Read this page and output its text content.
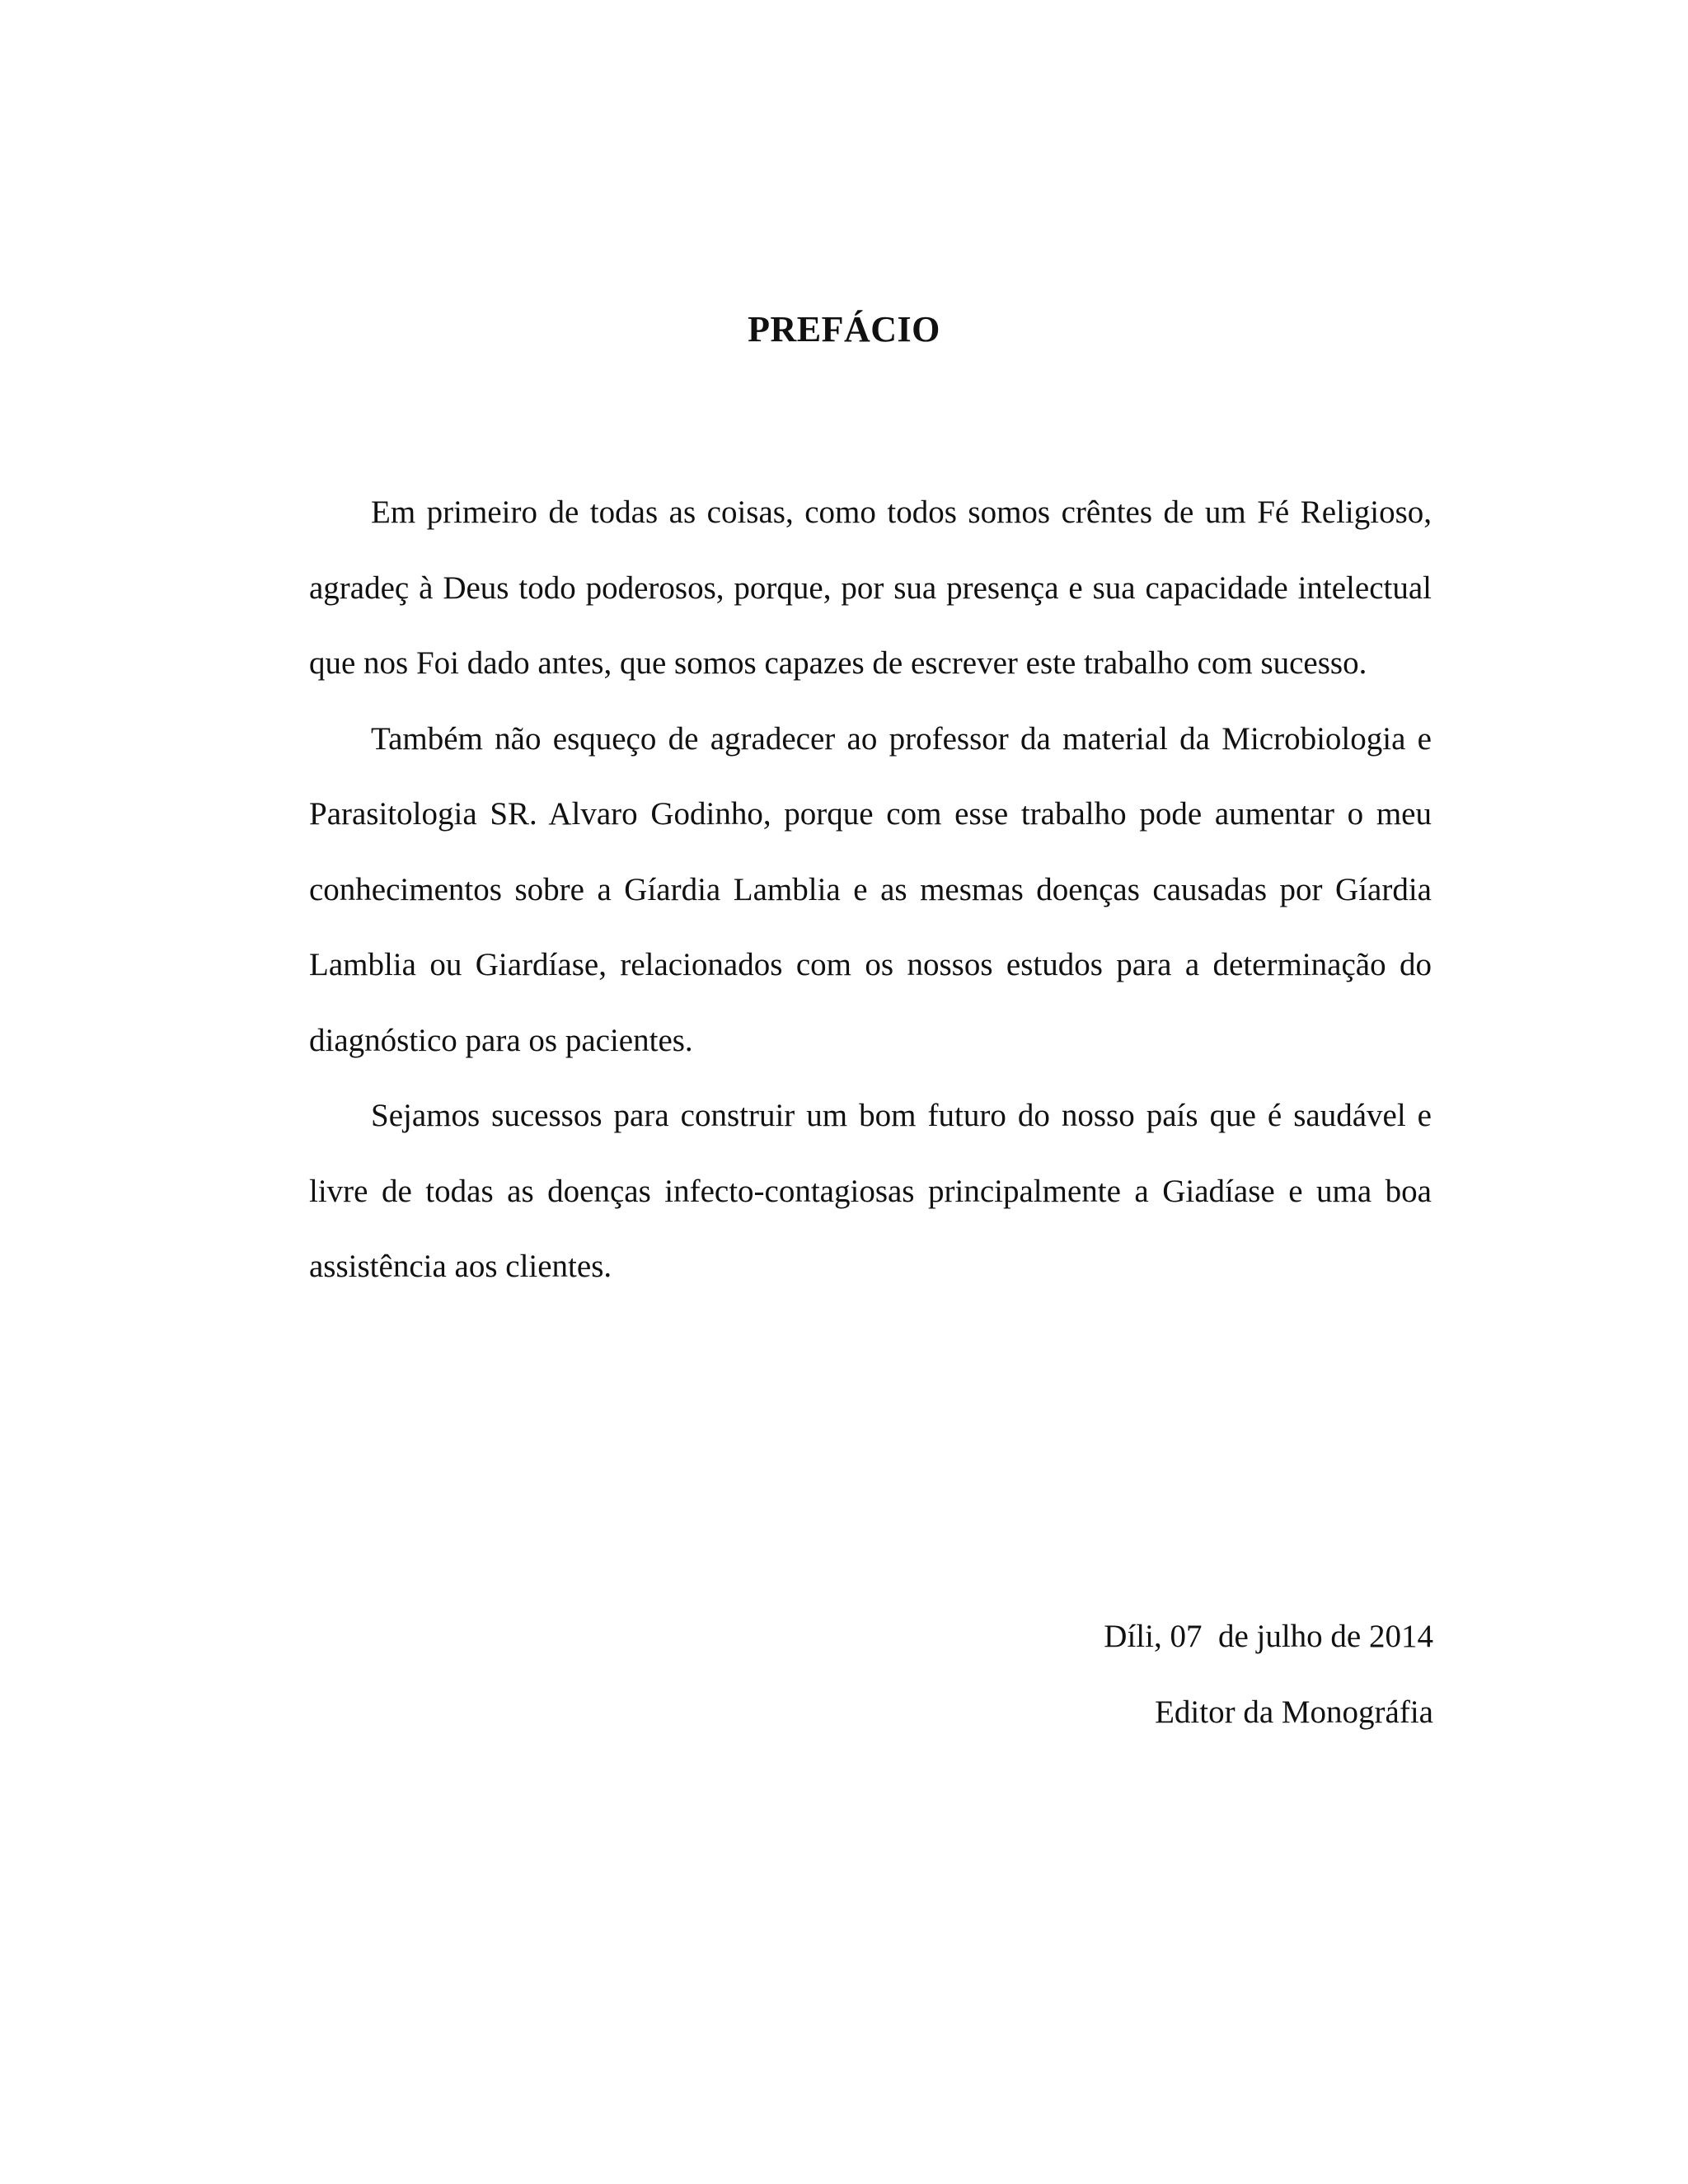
PREFÁCIO

Em primeiro de todas as coisas, como todos somos crêntes de um Fé Religioso, agradeç à Deus todo poderosos, porque, por sua presença e sua capacidade intelectual que nos Foi dado antes, que somos capazes de escrever este trabalho com sucesso.

Também não esqueço de agradecer ao professor da material da Microbiologia e Parasitologia SR. Alvaro Godinho, porque com esse trabalho pode aumentar o meu conhecimentos sobre a Gíardia Lamblia e as mesmas doenças causadas por Gíardia Lamblia ou Giardíase, relacionados com os nossos estudos para a determinação do diagnóstico para os pacientes.

Sejamos sucessos para construir um bom futuro do nosso país que é saudável e livre de todas as doenças infecto-contagiosas principalmente a Giadíase e uma boa assistência aos clientes.

Díli, 07  de julho de 2014
Editor da Monográfia
